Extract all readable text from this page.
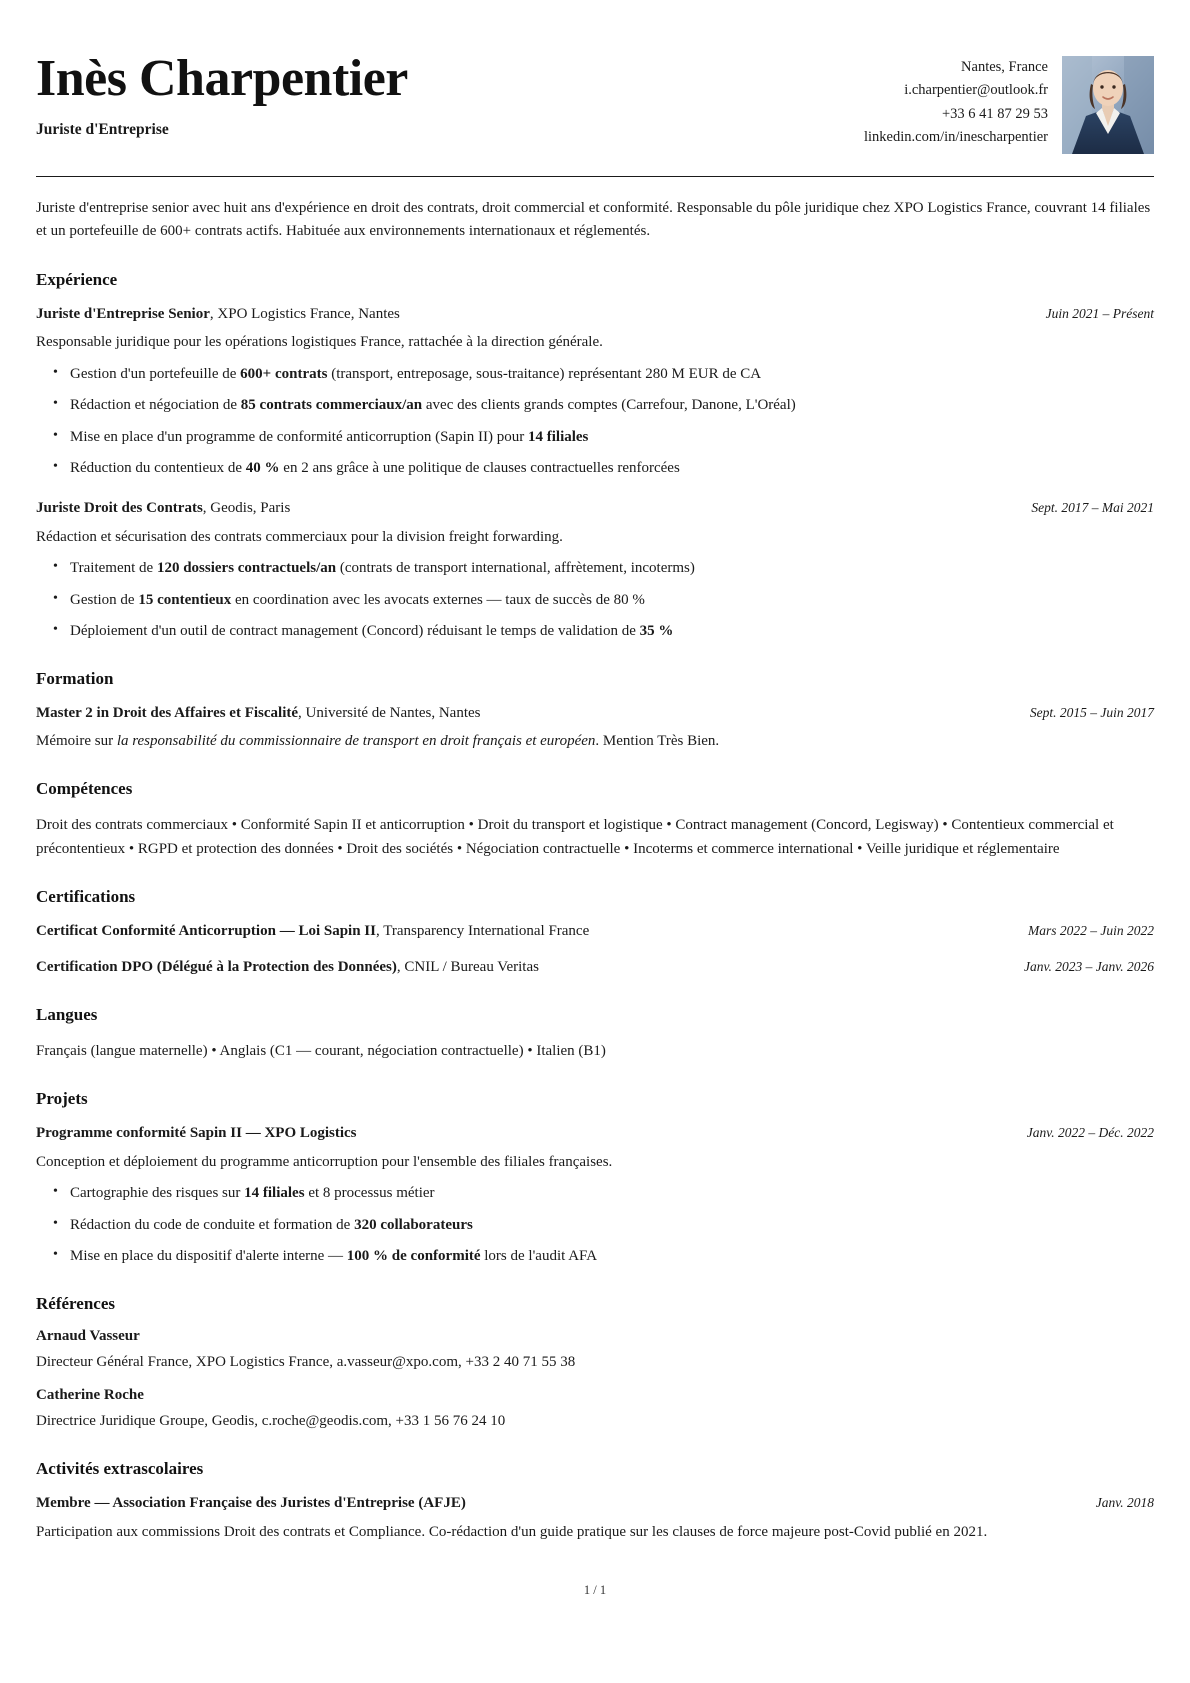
Inès Charpentier
Juriste d'Entreprise
Nantes, France
i.charpentier@outlook.fr
+33 6 41 87 29 53
linkedin.com/in/inescharpentier

Juriste d'entreprise senior avec huit ans d'expérience en droit des contrats, droit commercial et conformité. Responsable du pôle juridique chez XPO Logistics France, couvrant 14 filiales et un portefeuille de 600+ contrats actifs. Habituée aux environnements internationaux et réglementés.

Expérience
Juriste d'Entreprise Senior, XPO Logistics France, Nantes	Juin 2021 – Présent
Responsable juridique pour les opérations logistiques France, rattachée à la direction générale.
• Gestion d'un portefeuille de 600+ contrats (transport, entreposage, sous-traitance) représentant 280 M EUR de CA
• Rédaction et négociation de 85 contrats commerciaux/an avec des clients grands comptes (Carrefour, Danone, L'Oréal)
• Mise en place d'un programme de conformité anticorruption (Sapin II) pour 14 filiales
• Réduction du contentieux de 40 % en 2 ans grâce à une politique de clauses contractuelles renforcées
Juriste Droit des Contrats, Geodis, Paris	Sept. 2017 – Mai 2021
Rédaction et sécurisation des contrats commerciaux pour la division freight forwarding.
• Traitement de 120 dossiers contractuels/an (contrats de transport international, affrètement, incoterms)
• Gestion de 15 contentieux en coordination avec les avocats externes — taux de succès de 80 %
• Déploiement d'un outil de contract management (Concord) réduisant le temps de validation de 35 %
Formation
Master 2 in Droit des Affaires et Fiscalité, Université de Nantes, Nantes	Sept. 2015 – Juin 2017
Mémoire sur la responsabilité du commissionnaire de transport en droit français et européen. Mention Très Bien.
Compétences
Droit des contrats commerciaux • Conformité Sapin II et anticorruption • Droit du transport et logistique • Contract management (Concord, Legisway) • Contentieux commercial et précontentieux • RGPD et protection des données • Droit des sociétés • Négociation contractuelle • Incoterms et commerce international • Veille juridique et réglementaire
Certifications
Certificat Conformité Anticorruption — Loi Sapin II, Transparency International France	Mars 2022 – Juin 2022
Certification DPO (Délégué à la Protection des Données), CNIL / Bureau Veritas	Janv. 2023 – Janv. 2026
Langues
Français (langue maternelle) • Anglais (C1 — courant, négociation contractuelle) • Italien (B1)
Projets
Programme conformité Sapin II — XPO Logistics	Janv. 2022 – Déc. 2022
Conception et déploiement du programme anticorruption pour l'ensemble des filiales françaises.
• Cartographie des risques sur 14 filiales et 8 processus métier
• Rédaction du code de conduite et formation de 320 collaborateurs
• Mise en place du dispositif d'alerte interne — 100 % de conformité lors de l'audit AFA
Références
Arnaud Vasseur
Directeur Général France, XPO Logistics France, a.vasseur@xpo.com, +33 2 40 71 55 38
Catherine Roche
Directrice Juridique Groupe, Geodis, c.roche@geodis.com, +33 1 56 76 24 10
Activités extrascolaires
Membre — Association Française des Juristes d'Entreprise (AFJE)	Janv. 2018
Participation aux commissions Droit des contrats et Compliance. Co-rédaction d'un guide pratique sur les clauses de force majeure post-Covid publié en 2021.
1 / 1
